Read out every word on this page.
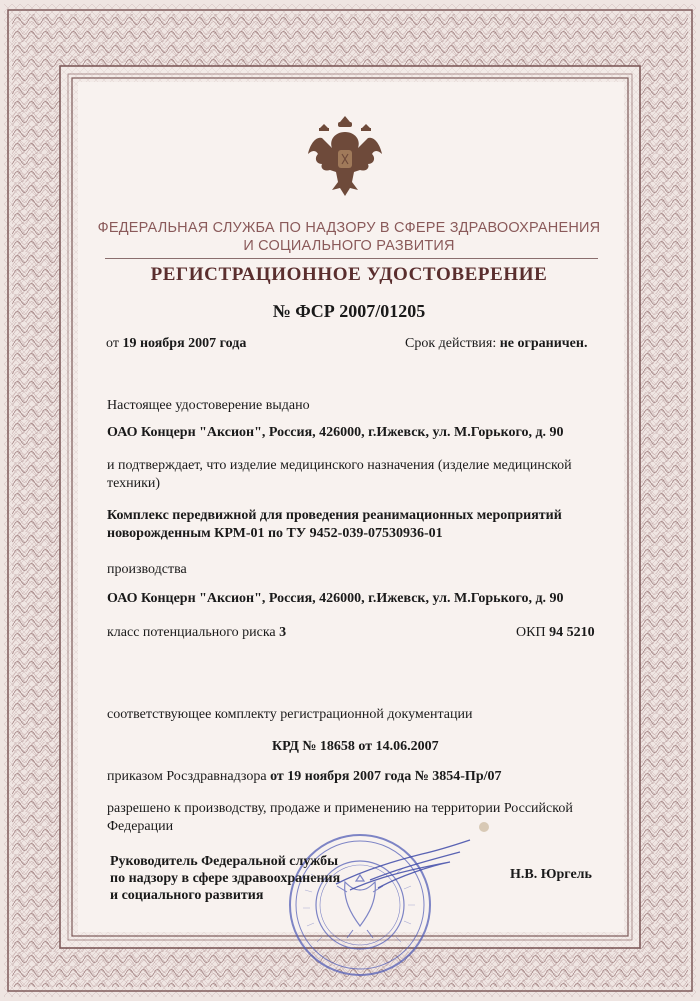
ФЕДЕРАЛЬНАЯ СЛУЖБА ПО НАДЗОРУ В СФЕРЕ ЗДРАВООХРАНЕНИЯ
И СОЦИАЛЬНОГО РАЗВИТИЯ
РЕГИСТРАЦИОННОЕ УДОСТОВЕРЕНИЕ
№ ФСР 2007/01205
от 19 ноября 2007 года	Срок действия: не ограничен.
Настоящее удостоверение выдано
ОАО Концерн "Аксион", Россия, 426000, г.Ижевск, ул. М.Горького, д. 90
и подтверждает, что изделие медицинского назначения (изделие медицинской
техники)
Комплекс передвижной для проведения реанимационных мероприятий
новорожденным КРМ-01 по ТУ 9452-039-07530936-01
производства
ОАО Концерн "Аксион", Россия, 426000, г.Ижевск, ул. М.Горького, д. 90
класс потенциального риска 3	ОКП 94 5210
соответствующее комплекту регистрационной документации
КРД № 18658 от 14.06.2007
приказом Росздравнадзора от 19 ноября 2007 года № 3854-Пр/07
разрешено к производству, продаже и применению на территории Российской
Федерации
Руководитель Федеральной службы
по надзору в сфере здравоохранения
и социального развития
Н.В. Юргель
